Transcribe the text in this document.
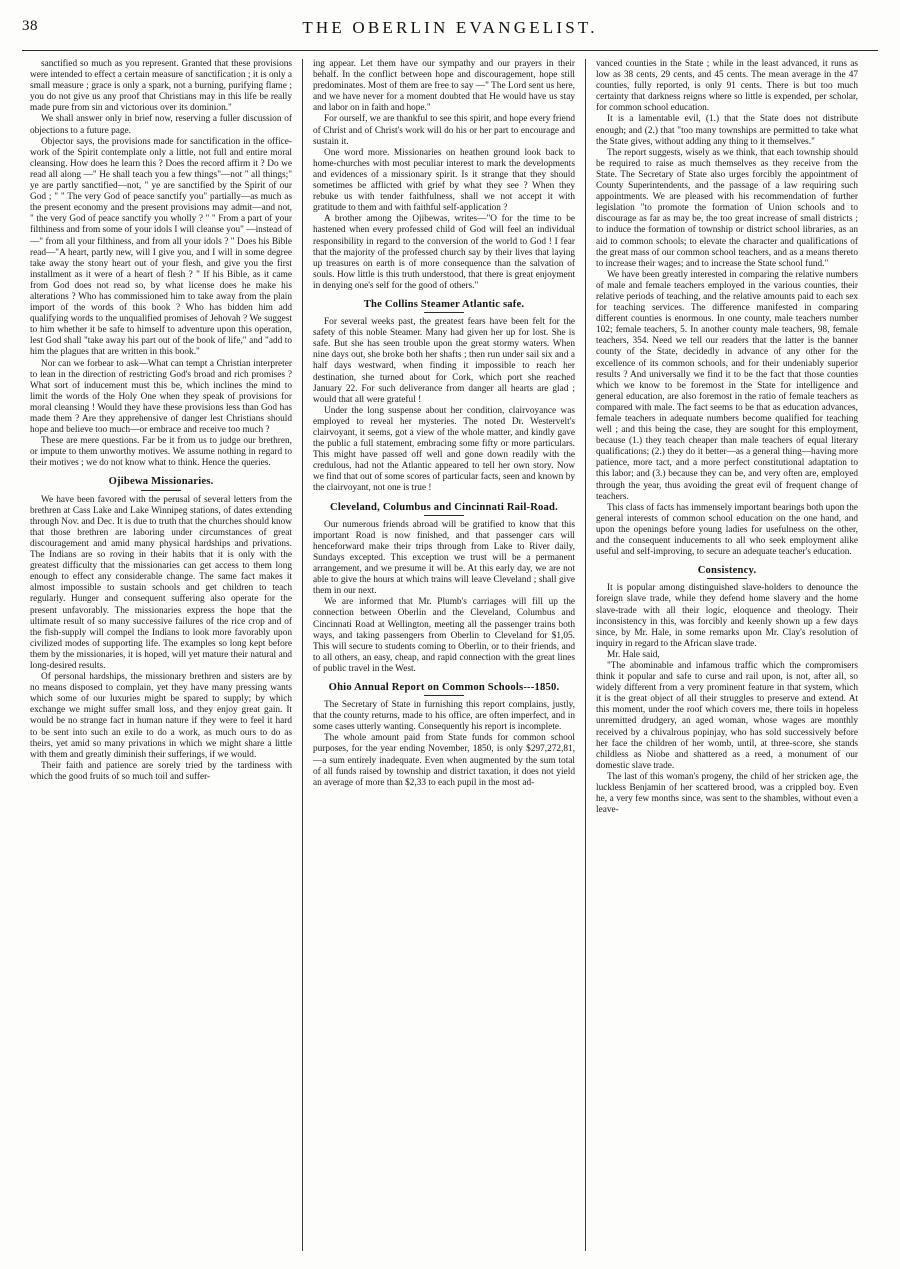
38	THE OBERLIN EVANGELIST.

sanctified so much as you represent. Granted that these provisions were intended to effect a certain measure of sanctification ; it is only a small measure ; grace is only a spark, not a burning, purifying flame ; you do not give us any proof that Christians may in this life be really made pure from sin and victorious over its dominion."

We shall answer only in brief now, reserving a fuller discussion of objections to a future page.

Objector says, the provisions made for sanctification in the office-work of the Spirit contemplate only a little, not full and entire moral cleansing. How does he learn this ? Does the record affirm it ? Do we read all along —" He shall teach you a few things"—not " all things;" ye are partly sanctified—not, " ye are sanctified by the Spirit of our God ; " " The very God of peace sanctify you" partially—as much as the present economy and the present provisions may admit—and not, " the very God of peace sanctify you wholly ? " " From a part of your filthiness and from some of your idols I will cleanse you" —instead of—" from all your filthiness, and from all your idols ? " Does his Bible read—"A heart, partly new, will I give you, and I will in some degree take away the stony heart out of your flesh, and give you the first installment as it were of a heart of flesh ? " If his Bible, as it came from God does not read so, by what license does he make his alterations ? Who has commissioned him to take away from the plain import of the words of this book ? Who has bidden him add qualifying words to the unqualified promises of Jehovah ? We suggest to him whether it be safe to himself to adventure upon this operation, lest God shall "take away his part out of the book of life," and "add to him the plagues that are written in this book."

Nor can we forbear to ask—What can tempt a Christian interpreter to lean in the direction of restricting God's broad and rich promises ? What sort of inducement must this be, which inclines the mind to limit the words of the Holy One when they speak of provisions for moral cleansing ! Would they have these provisions less than God has made them ? Are they apprehensive of danger lest Christians should hope and believe too much—or embrace and receive too much ?

These are mere questions. Far be it from us to judge our brethren, or impute to them unworthy motives. We assume nothing in regard to their motives ; we do not know what to think. Hence the queries.

Ojibewa Missionaries.

We have been favored with the perusal of several letters from the brethren at Cass Lake and Lake Winnipeg stations, of dates extending through Nov. and Dec. It is due to truth that the churches should know that those brethren are laboring under circumstances of great discouragement and amid many physical hardships and privations. The Indians are so roving in their habits that it is only with the greatest difficulty that the missionaries can get access to them long enough to effect any considerable change. The same fact makes it almost impossible to sustain schools and get children to teach regularly. Hunger and consequent suffering also operate for the present unfavorably. The missionaries express the hope that the ultimate result of so many successive failures of the rice crop and of the fish-supply will compel the Indians to look more favorably upon civilized modes of supporting life. The examples so long kept before them by the missionaries, it is hoped, will yet mature their natural and long-desired results.

Of personal hardships, the missionary brethren and sisters are by no means disposed to complain, yet they have many pressing wants which some of our luxuries might be spared to supply; by which exchange we might suffer small loss, and they enjoy great gain. It would be no strange fact in human nature if they were to feel it hard to be sent into such an exile to do a work, as much ours to do as theirs, yet amid so many privations in which we might share a little with them and greatly diminish their sufferings, if we would.

Their faith and patience are sorely tried by the tardiness with which the good fruits of so much toil and suffer-

ing appear. Let them have our sympathy and our prayers in their behalf. In the conflict between hope and discouragement, hope still predominates. Most of them are free to say —" The Lord sent us here, and we have never for a moment doubted that He would have us stay and labor on in faith and hope."

For ourself, we are thankful to see this spirit, and hope every friend of Christ and of Christ's work will do his or her part to encourage and sustain it.

One word more. Missionaries on heathen ground look back to home-churches with most peculiar interest to mark the developments and evidences of a missionary spirit. Is it strange that they should sometimes be afflicted with grief by what they see ? When they rebuke us with tender faithfulness, shall we not accept it with gratitude to them and with faithful self-application ?

A brother among the Ojibewas, writes—"O for the time to be hastened when every professed child of God will feel an individual responsibility in regard to the conversion of the world to God ! I fear that the majority of the professed church say by their lives that laying up treasures on earth is of more consequence than the salvation of souls. How little is this truth understood, that there is great enjoyment in denying one's self for the good of others."

The Collins Steamer Atlantic safe.

For several weeks past, the greatest fears have been felt for the safety of this noble Steamer. Many had given her up for lost. She is safe. But she has seen trouble upon the great stormy waters. When nine days out, she broke both her shafts ; then run under sail six and a half days westward, when finding it impossible to reach her destination, she turned about for Cork, which port she reached January 22. For such deliverance from danger all hearts are glad ; would that all were grateful !

Under the long suspense about her condition, clairvoyance was employed to reveal her mysteries. The noted Dr. Westervelt's clairvoyant, it seems, got a view of the whole matter, and kindly gave the public a full statement, embracing some fifty or more particulars. This might have passed off well and gone down readily with the credulous, had not the Atlantic appeared to tell her own story. Now we find that out of some scores of particular facts, seen and known by the clairvoyant, not one is true !

Cleveland, Columbus and Cincinnati Rail-Road.

Our numerous friends abroad will be gratified to know that this important Road is now finished, and that passenger cars will henceforward make their trips through from Lake to River daily, Sundays excepted. This exception we trust will be a permanent arrangement, and we presume it will be. At this early day, we are not able to give the hours at which trains will leave Cleveland ; shall give them in our next.

We are informed that Mr. Plumb's carriages will fill up the connection between Oberlin and the Cleveland, Columbus and Cincinnati Road at Wellington, meeting all the passenger trains both ways, and taking passengers from Oberlin to Cleveland for $1,05. This will secure to students coming to Oberlin, or to their friends, and to all others, an easy, cheap, and rapid connection with the great lines of public travel in the West.

Ohio Annual Report on Common Schools---1850.

The Secretary of State in furnishing this report complains, justly, that the county returns, made to his office, are often imperfect, and in some cases utterly wanting. Consequently his report is incomplete.

The whole amount paid from State funds for common school purposes, for the year ending November, 1850, is only $297,272,81,—a sum entirely inadequate. Even when augmented by the sum total of all funds raised by township and district taxation, it does not yield an average of more than $2,33 to each pupil in the most ad-

vanced counties in the State ; while in the least advanced, it runs as low as 38 cents, 29 cents, and 45 cents. The mean average in the 47 counties, fully reported, is only 91 cents. There is but too much certainty that darkness reigns where so little is expended, per scholar, for common school education.

It is a lamentable evil, (1.) that the State does not distribute enough; and (2.) that "too many townships are permitted to take what the State gives, without adding any thing to it themselves."

The report suggests, wisely as we think, that each township should be required to raise as much themselves as they receive from the State. The Secretary of State also urges forcibly the appointment of County Superintendents, and the passage of a law requiring such appointments. We are pleased with his recommendation of further legislation "to promote the formation of Union schools and to discourage as far as may be, the too great increase of small districts ; to induce the formation of township or district school libraries, as an aid to common schools; to elevate the character and qualifications of the great mass of our common school teachers, and as a means thereto to increase their wages; and to increase the State school fund."

We have been greatly interested in comparing the relative numbers of male and female teachers employed in the various counties, their relative periods of teaching, and the relative amounts paid to each sex for teaching services. The difference manifested in comparing different counties is enormous. In one county, male teachers number 102; female teachers, 5. In another county male teachers, 98, female teachers, 354. Need we tell our readers that the latter is the banner county of the State, decidedly in advance of any other for the excellence of its common schools, and for their undeniably superior results ? And universally we find it to be the fact that those counties which we know to be foremost in the State for intelligence and general education, are also foremost in the ratio of female teachers as compared with male. The fact seems to be that as education advances, female teachers in adequate numbers become qualified for teaching well ; and this being the case, they are sought for this employment, because (1.) they teach cheaper than male teachers of equal literary qualifications; (2.) they do it better—as a general thing—having more patience, more tact, and a more perfect constitutional adaptation to this labor; and (3.) because they can be, and very often are, employed through the year, thus avoiding the great evil of frequent change of teachers.

This class of facts has immensely important bearings both upon the general interests of common school education on the one hand, and upon the openings before young ladies for usefulness on the other, and the consequent inducements to all who seek employment alike useful and self-improving, to secure an adequate teacher's education.

Consistency.

It is popular among distinguished slave-holders to denounce the foreign slave trade, while they defend home slavery and the home slave-trade with all their logic, eloquence and theology. Their inconsistency in this, was forcibly and keenly shown up a few days since, by Mr. Hale, in some remarks upon Mr. Clay's resolution of inquiry in regard to the African slave trade.

Mr. Hale said,

"The abominable and infamous traffic which the compromisers think it popular and safe to curse and rail upon, is not, after all, so widely different from a very prominent feature in that system, which it is the great object of all their struggles to preserve and extend. At this moment, under the roof which covers me, there toils in hopeless unremitted drudgery, an aged woman, whose wages are monthly received by a chivalrous popinjay, who has sold successively before her face the children of her womb, until, at three-score, she stands childless as Niobe and shattered as a reed, a monument of our domestic slave trade.

The last of this woman's progeny, the child of her stricken age, the luckless Benjamin of her scattered brood, was a crippled boy. Even he, a very few months since, was sent to the shambles, without even a leave-
